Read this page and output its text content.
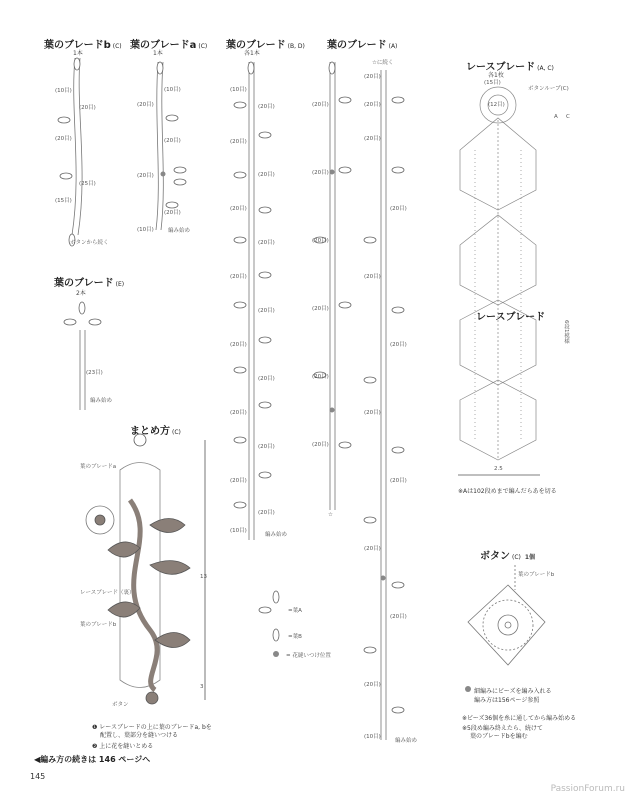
葉のブレードb (C)
1本
葉のブレードa (C)
1本
葉のブレード (B, D)
各1本
葉のブレード (A)
レースブレード (A, C)
各1枚
葉のブレード (E)
2本
レースブレード
まとめ方 (C)
ボタン (C) 1個
(10目)
(20目)
(20目)
(25目)
(15目)
ボタンから続く
(10目)
(20目)
(20目)
(20目)
(20目)
(10目)	編み始め
(10目)
(20目)
(20目)
(20目)
(20目)
(20目)
(20目)
(20目)
(20目)
(20目)
(20目)
(20目)
(20目)
(20目)
(10目)
編み始め
☆に続く
(20目)
(20目)
(20目)
(20目)
(20目)
(20目)
(20目)
☆
(20目)
(20目)
(20目)
(20目)
(20目)
(20目)
(20目)
(20目)
(20目)
(20目)
(10目)
編み始め
(23目)
編み始め
(15目)
(12目)
ボタンループ(C)
A C
6段1模様
2.5
※Aは102段めまで編んだらあを切る
葉のブレードa
レースブレード（裏）
葉のブレードb
ボタン
13
3
❶ レースブレードの上に葉のブレードa, bを
配置し、葉部分を縫いつける
❷ 上に花を縫いとめる
=葉A
=葉B
= 花縫いつけ位置
葉のブレードb
細編みにビーズを編み入れる
編み方は156ページ参照
※ビーズ36個を糸に通してから編み始める
※5段め編み終えたら、続けて
葉のブレードbを編む
◀編み方の続きは 146 ページへ
145
PassionForum.ru
